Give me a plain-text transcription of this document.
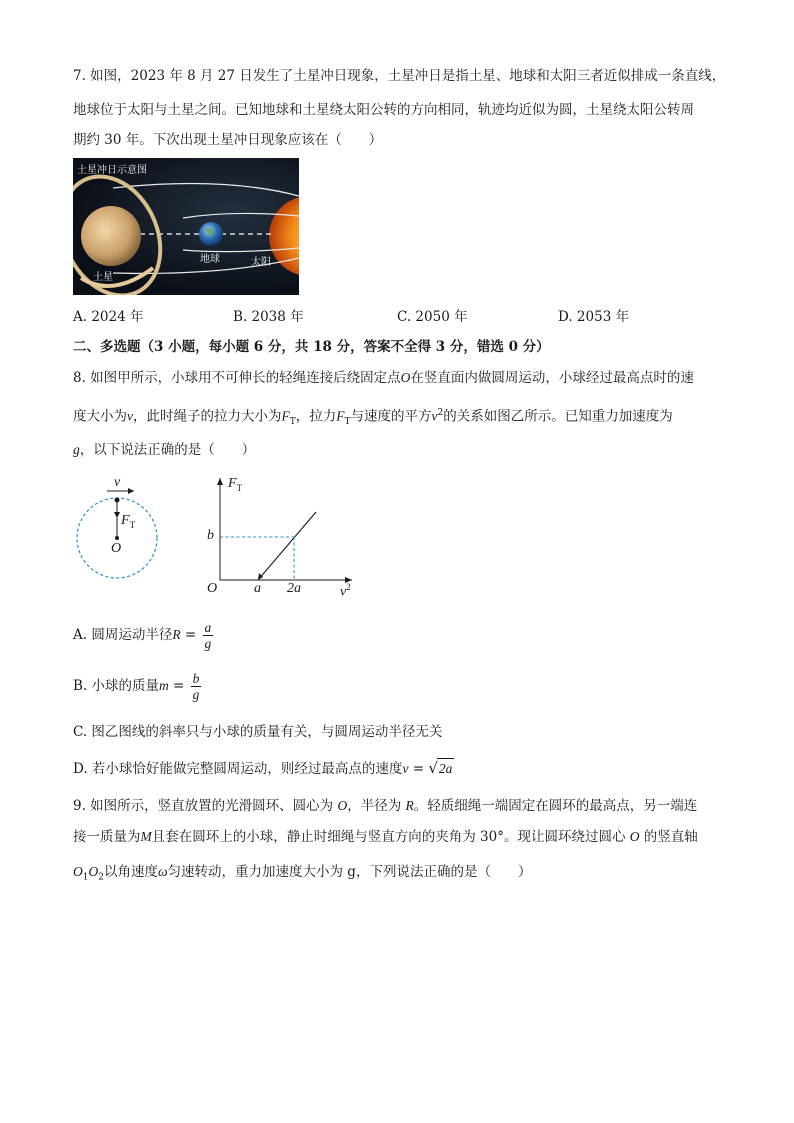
7. 如图，2023 年 8 月 27 日发生了土星冲日现象，土星冲日是指土星、地球和太阳三者近似排成一条直线，
地球位于太阳与土星之间。已知地球和土星绕太阳公转的方向相同，轨迹均近似为圆，土星绕太阳公转周
期约 30 年。下次出现土星冲日现象应该在（　　）
土星冲日示意图
土星
地球	太阳
A. 2024 年	B. 2038 年	C. 2050 年	D. 2053 年
二、多选题（3 小题，每小题 6 分，共 18 分，答案不全得 3 分，错选 0 分）
8. 如图甲所示，小球用不可伸长的轻绳连接后绕固定点O在竖直面内做圆周运动，小球经过最高点时的速
度大小为v，此时绳子的拉力大小为$F_T$，拉力$F_T$与速度的平方$v^2$的关系如图乙所示。已知重力加速度为
g，以下说法正确的是（　　）
v
$F_T$
O
$F_T$
b
O	a 2a	$v^2$
A. 圆周运动半径$R = \frac{a}{g}$
B. 小球的质量$m = \frac{b}{g}$
C. 图乙图线的斜率只与小球的质量有关，与圆周运动半径无关
D. 若小球恰好能做完整圆周运动，则经过最高点的速度v = √2a
9. 如图所示，竖直放置的光滑圆环、圆心为 O，半径为 R。轻质细绳一端固定在圆环的最高点，另一端连
接一质量为M且套在圆环上的小球，静止时细绳与竖直方向的夹角为 30°。现让圆环绕过圆心 O 的竖直轴
$O_1O_2$以角速度ω匀速转动，重力加速度大小为 g，下列说法正确的是（　　）
